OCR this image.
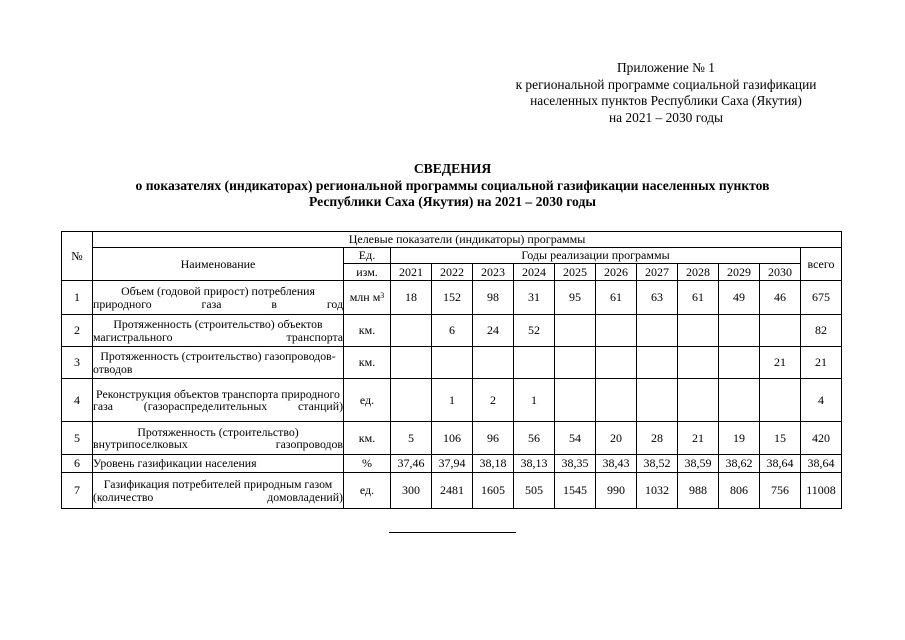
Приложение № 1
к региональной программе социальной газификации
населенных пунктов Республики Саха (Якутия)
на 2021 – 2030 годы
СВЕДЕНИЯ
о показателях (индикаторах) региональной программы социальной газификации населенных пунктов
Республики Саха (Якутия) на 2021 – 2030 годы
№	Целевые показатели (индикаторы) программы												
	Наименование	Ед.	Годы реализации программы										всего
		изм.	2021	2022	2023	2024	2025	2026	2027	2028	2029	2030	
1	Объем (годовой прирост) потребления природного газа в год	млн $м^3$	18	152	98	31	95	61	63	61	49	46	675
2	Протяженность (строительство) объектов магистрального транспорта	км.		6	24	52							82
3	Протяженность (строительство) газопроводов-отводов	км.										21	21
4	Реконструкция объектов транспорта природного газа (газораспределительных станций)	ед.		1	2	1							4
5	Протяженность (строительство) внутрипоселковых газопроводов	км.	5	106	96	56	54	20	28	21	19	15	420
6	Уровень газификации населения	%	37,46	37,94	38,18	38,13	38,35	38,43	38,52	38,59	38,62	38,64	38,64
7	Газификация потребителей природным газом (количество домовладений)	ед.	300	2481	1605	505	1545	990	1032	988	806	756	11008
